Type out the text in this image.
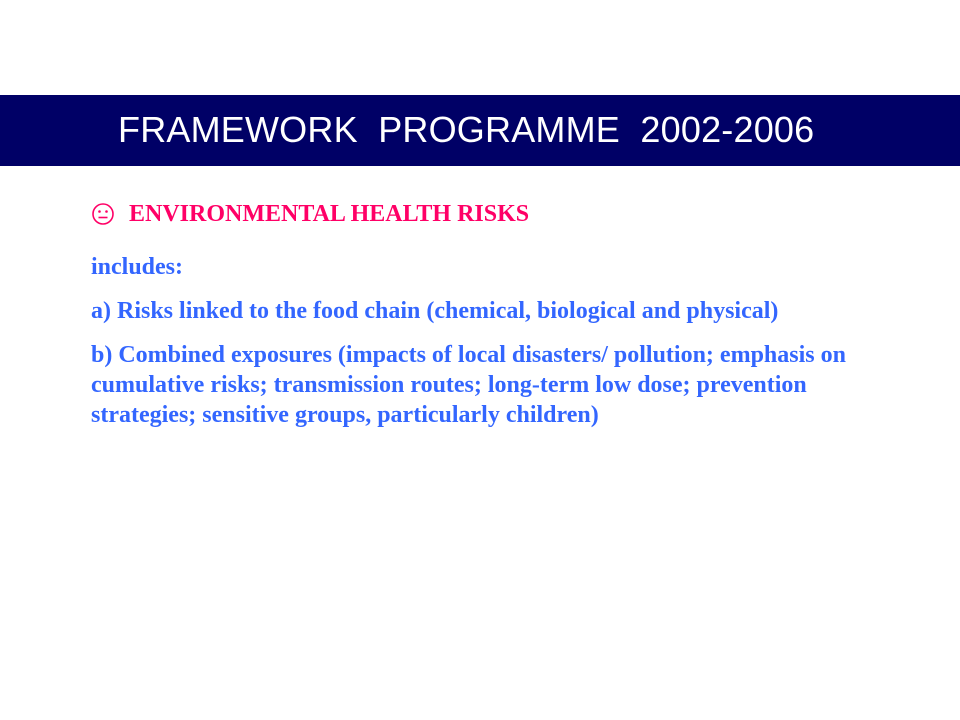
FRAMEWORK  PROGRAMME  2002-2006
ENVIRONMENTAL HEALTH RISKS
includes:
a) Risks linked to the food chain (chemical, biological and physical)
b) Combined exposures (impacts of local disasters/ pollution; emphasis on cumulative risks; transmission routes; long-term low dose; prevention strategies; sensitive groups, particularly children)
